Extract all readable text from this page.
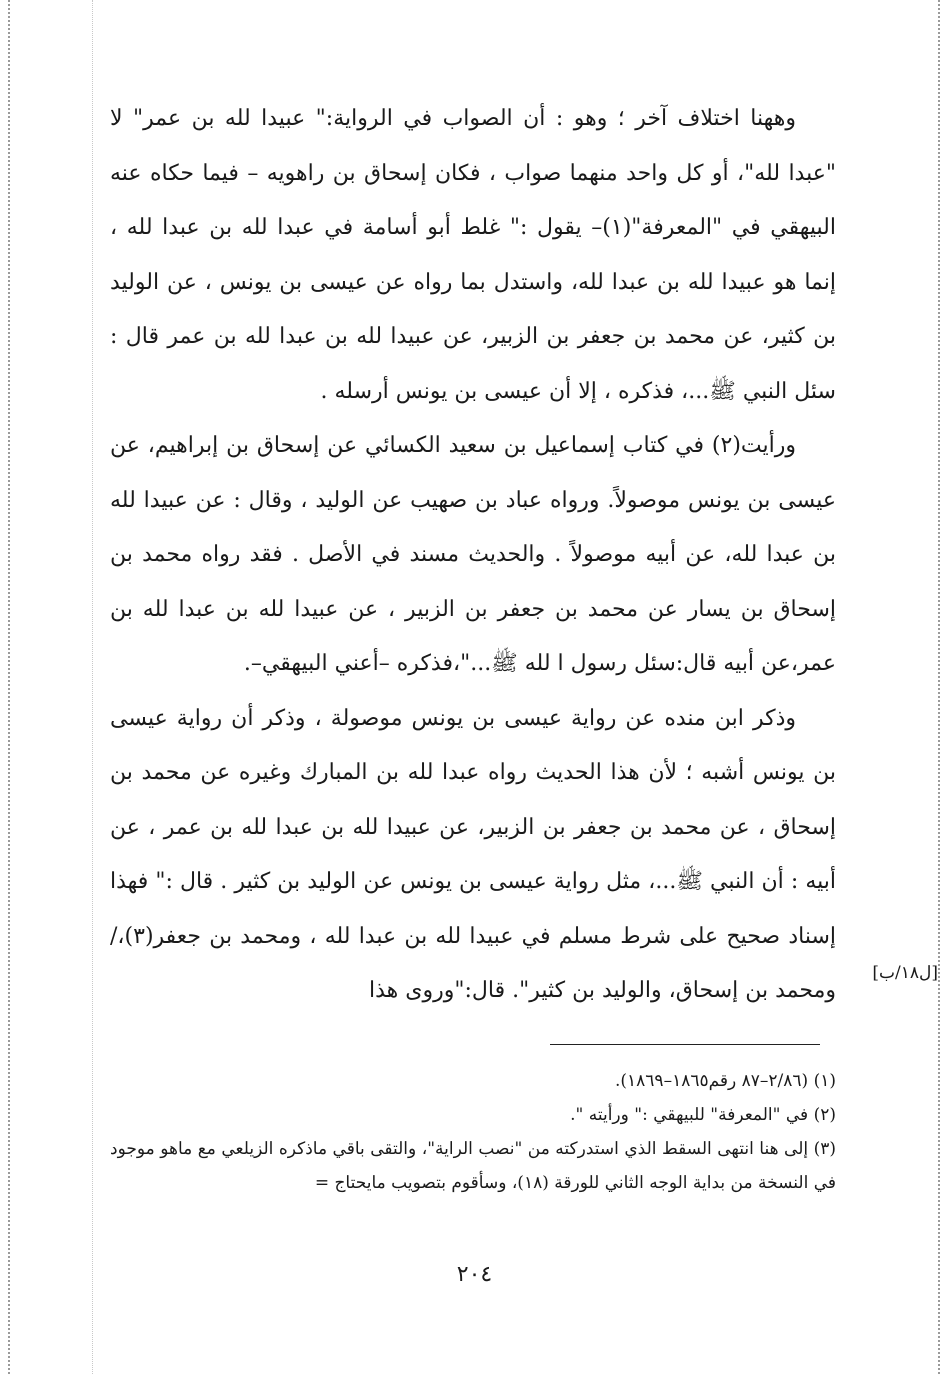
وههنا اختلاف آخر ؛ وهو : أن الصواب في الرواية:" عبيدا لله بن عمر" لا "عبدا لله"، أو كل واحد منهما صواب ، فكان إسحاق بن راهويه – فيما حكاه عنه البيهقي في "المعرفة"(١)– يقول :" غلط أبو أسامة في عبدا لله بن عبدا لله ، إنما هو عبيدا لله بن عبدا لله، واستدل بما رواه عن عيسى بن يونس ، عن الوليد بن كثير، عن محمد بن جعفر بن الزبير، عن عبيدا لله بن عبدا لله بن عمر قال : سئل النبي ﷺ...، فذكره ، إلا أن عيسى بن يونس أرسله .

ورأيت(٢) في كتاب إسماعيل بن سعيد الكسائي عن إسحاق بن إبراهيم، عن عيسى بن يونس موصولاً. ورواه عباد بن صهيب عن الوليد ، وقال : عن عبيدا لله بن عبدا لله، عن أبيه موصولاً . والحديث مسند في الأصل . فقد رواه محمد بن إسحاق بن يسار عن محمد بن جعفر بن الزبير ، عن عبيدا لله بن عبدا لله بن عمر،عن أبيه قال:سئل رسول ا لله ﷺ..."،فذكره –أعني البيهقي–.

وذكر ابن منده عن رواية عيسى بن يونس موصولة ، وذكر أن رواية عيسى بن يونس أشبه ؛ لأن هذا الحديث رواه عبدا لله بن المبارك وغيره عن محمد بن إسحاق ، عن محمد بن جعفر بن الزبير، عن عبيدا لله بن عبدا لله بن عمر ، عن أبيه : أن النبي ﷺ...، مثل رواية عيسى بن يونس عن الوليد بن كثير . قال :" فهذا إسناد صحيح على شرط مسلم في عبيدا لله بن عبدا لله ، ومحمد بن جعفر(٣)،/ ومحمد بن إسحاق، والوليد بن كثير". قال:"وروى هذا

[ل١٨/ب]

(١) (٢/٨٦–٨٧ رقم١٨٦٥–١٨٦٩).

(٢) في "المعرفة" للبيهقي :" ورأيته ".

(٣) إلى هنا انتهى السقط الذي استدركته من "نصب الراية"، والتقى باقي ماذكره الزيلعي مع ماهو موجود في النسخة من بداية الوجه الثاني للورقة (١٨)، وسأقوم بتصويب مايحتاج =

٢٠٤
